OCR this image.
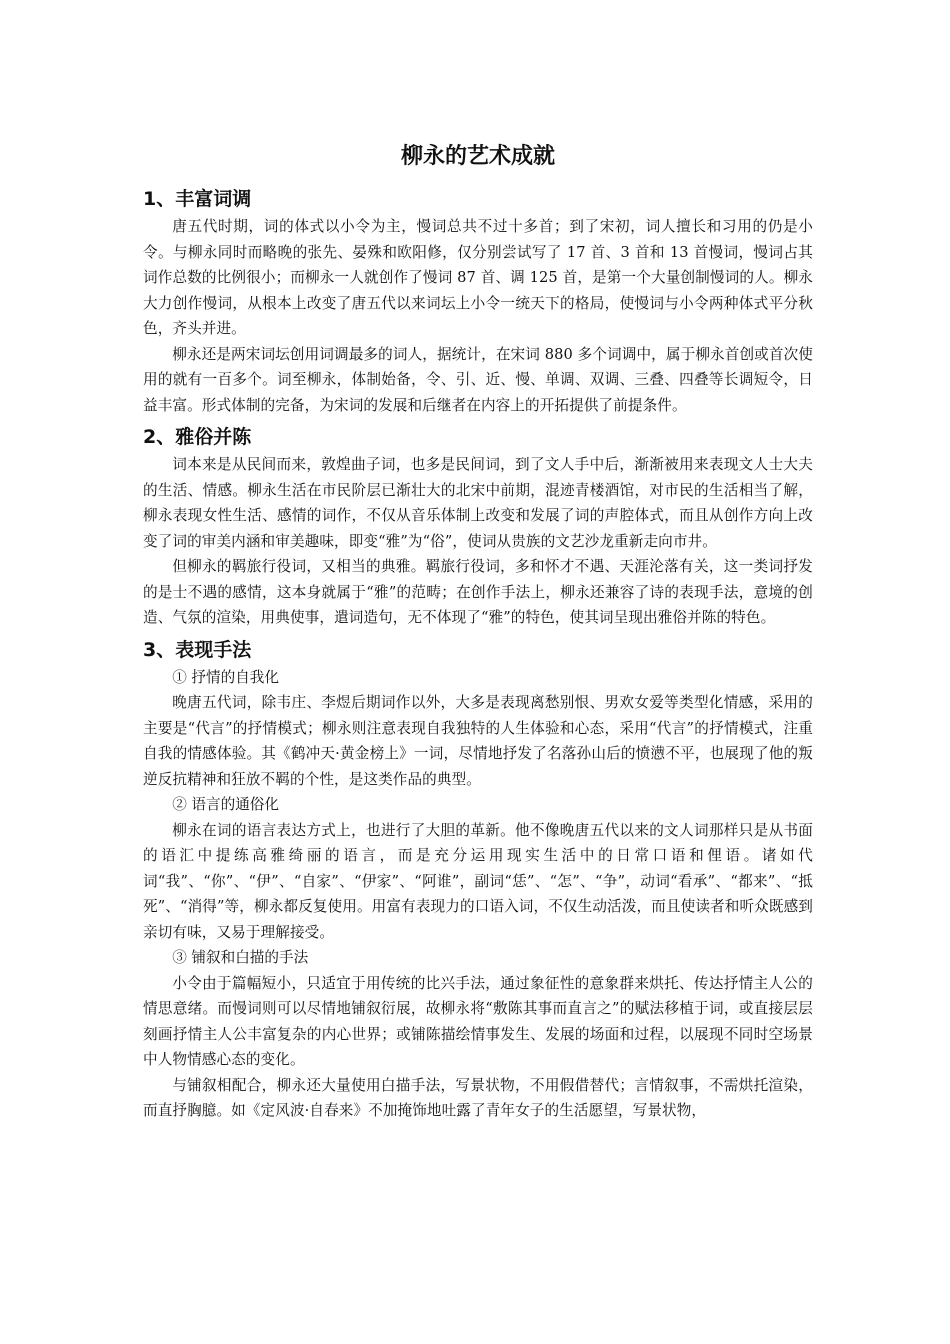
柳永的艺术成就
1、丰富词调

唐五代时期，词的体式以小令为主，慢词总共不过十多首；到了宋初，词人擅长和习用的仍是小令。与柳永同时而略晚的张先、晏殊和欧阳修，仅分别尝试写了 17 首、3 首和 13 首慢词，慢词占其词作总数的比例很小；而柳永一人就创作了慢词 87 首、调 125 首，是第一个大量创制慢词的人。柳永大力创作慢词，从根本上改变了唐五代以来词坛上小令一统天下的格局，使慢词与小令两种体式平分秋色，齐头并进。

柳永还是两宋词坛创用词调最多的词人，据统计，在宋词 880 多个词调中，属于柳永首创或首次使用的就有一百多个。词至柳永，体制始备，令、引、近、慢、单调、双调、三叠、四叠等长调短令，日益丰富。形式体制的完备，为宋词的发展和后继者在内容上的开拓提供了前提条件。

2、雅俗并陈

词本来是从民间而来，敦煌曲子词，也多是民间词，到了文人手中后，渐渐被用来表现文人士大夫的生活、情感。柳永生活在市民阶层已渐壮大的北宋中前期，混迹青楼酒馆，对市民的生活相当了解，柳永表现女性生活、感情的词作，不仅从音乐体制上改变和发展了词的声腔体式，而且从创作方向上改变了词的审美内涵和审美趣味，即变“雅”为“俗”，使词从贵族的文艺沙龙重新走向市井。

但柳永的羁旅行役词，又相当的典雅。羁旅行役词，多和怀才不遇、天涯沦落有关，这一类词抒发的是士不遇的感情，这本身就属于“雅”的范畴；在创作手法上，柳永还兼容了诗的表现手法，意境的创造、气氛的渲染，用典使事，遣词造句，无不体现了“雅”的特色，使其词呈现出雅俗并陈的特色。

3、表现手法

① 抒情的自我化

晚唐五代词，除韦庄、李煜后期词作以外，大多是表现离愁别恨、男欢女爱等类型化情感，采用的主要是“代言”的抒情模式；柳永则注意表现自我独特的人生体验和心态，采用“代言”的抒情模式，注重自我的情感体验。其《鹤冲天·黄金榜上》一词，尽情地抒发了名落孙山后的愤懑不平，也展现了他的叛逆反抗精神和狂放不羁的个性，是这类作品的典型。

② 语言的通俗化

柳永在词的语言表达方式上，也进行了大胆的革新。他不像晚唐五代以来的文人词那样只是从书面的语汇中提练高雅绮丽的语言，而是充分运用现实生活中的日常口语和俚语。诸如代词“我”、“你”、“伊”、“自家”、“伊家”、“阿谁”，副词“恁”、“怎”、“争”，动词“看承”、“都来”、“抵死”、“消得”等，柳永都反复使用。用富有表现力的口语入词，不仅生动活泼，而且使读者和听众既感到亲切有味，又易于理解接受。

③ 铺叙和白描的手法

小令由于篇幅短小，只适宜于用传统的比兴手法，通过象征性的意象群来烘托、传达抒情主人公的情思意绪。而慢词则可以尽情地铺叙衍展，故柳永将“敷陈其事而直言之”的赋法移植于词，或直接层层刻画抒情主人公丰富复杂的内心世界；或铺陈描绘情事发生、发展的场面和过程，以展现不同时空场景中人物情感心态的变化。

与铺叙相配合，柳永还大量使用白描手法，写景状物，不用假借替代；言情叙事，不需烘托渲染，而直抒胸臆。如《定风波·自春来》不加掩饰地吐露了青年女子的生活愿望，写景状物，
